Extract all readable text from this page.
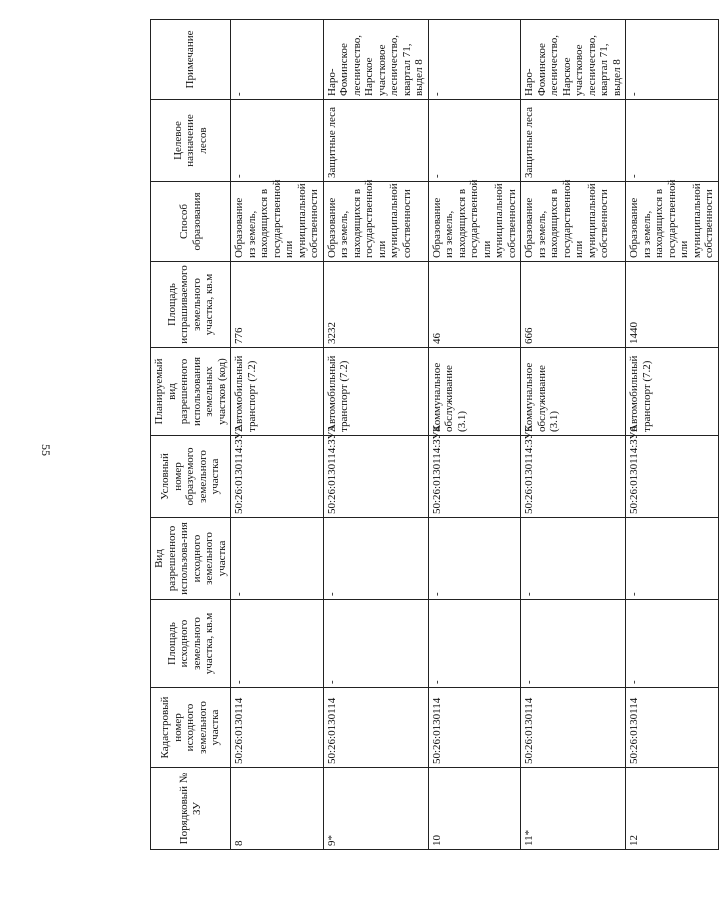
55
Порядковый № ЗУ	Кадастровый номер исходного земельного участка	Площадь исходного земельного участка, кв.м	Вид разрешенного использова-ния исходного земельного участка	Условный номер образуемого земельного участка	Планируемый вид разрешенного использования земельных участков (код)	Площадь испрашиваемого земельного участка, кв.м	Способ образования	Целевое назначение лесов	Примечание
8	50:26:0130114	-	-	50:26:0130114:ЗУ2	Автомобильный транспорт (7.2)	776	Образование из земель, находящихся в государственной или муниципальной собственности	-	-
9*	50:26:0130114	-	-	50:26:0130114:ЗУ3	Автомобильный транспорт (7.2)	3232	Образование из земель, находящихся в государственной или муниципальной собственности	Защитные леса	Наро-Фоминское лесничество, Нарское участковое лесничество, квартал 71, выдел 8
10	50:26:0130114	-	-	50:26:0130114:ЗУ4	Коммунальное обслуживание (3.1)	46	Образование из земель, находящихся в государственной или муниципальной собственности	-	-
11*	50:26:0130114	-	-	50:26:0130114:ЗУ5	Коммунальное обслуживание (3.1)	666	Образование из земель, находящихся в государственной или муниципальной собственности	Защитные леса	Наро-Фоминское лесничество, Нарское участковое лесничество, квартал 71, выдел 8
12	50:26:0130114	-	-	50:26:0130114:ЗУ6	Автомобильный транспорт (7.2)	1440	Образование из земель, находящихся в государственной или муниципальной собственности	-	-
